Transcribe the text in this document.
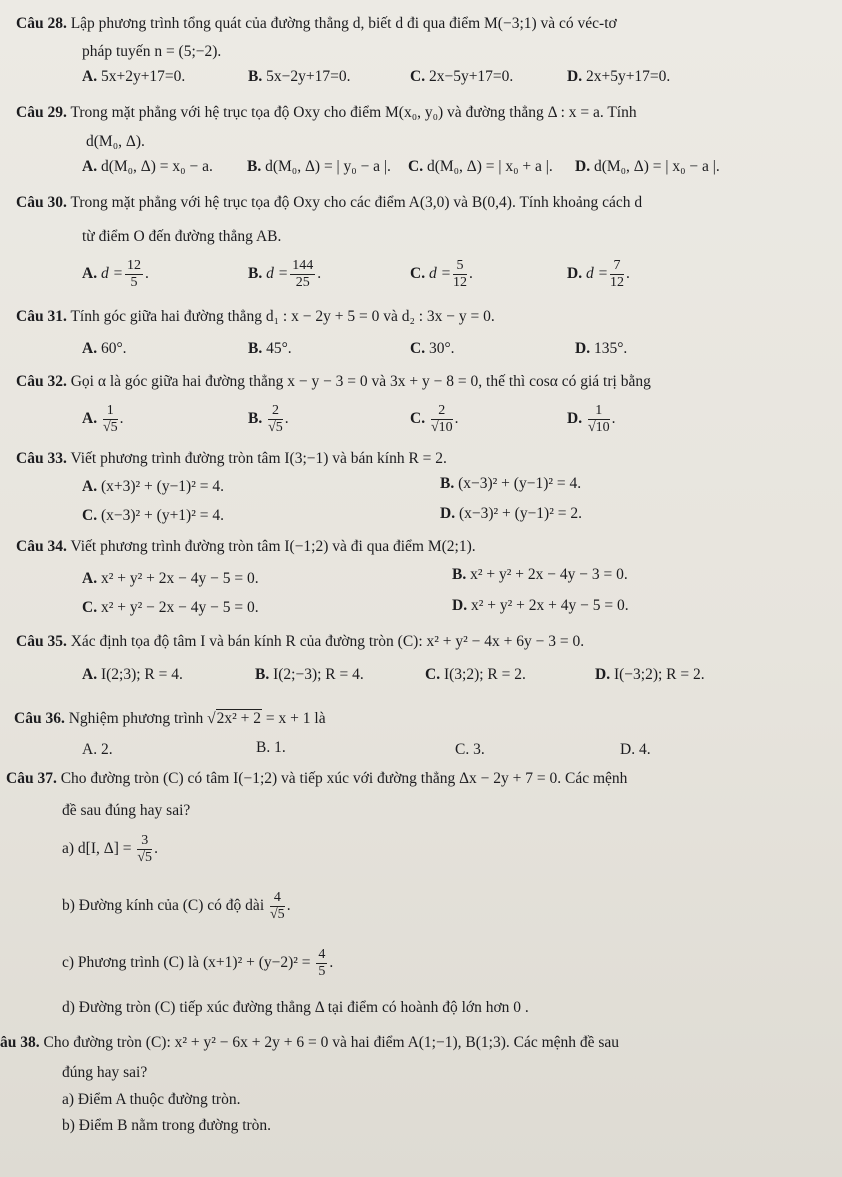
Câu 28. Lập phương trình tổng quát của đường thẳng d, biết d đi qua điểm M(−3;1) và có véc-tơ
pháp tuyến n = (5;−2).
A. 5x+2y+17=0.	B. 5x−2y+17=0.	C. 2x−5y+17=0.	D. 2x+5y+17=0.
Câu 29. Trong mặt phẳng với hệ trục tọa độ Oxy cho điểm M(x₀, y₀) và đường thẳng Δ : x = a. Tính
d(M₀, Δ).
A. d(M₀, Δ) = x₀ − a. B. d(M₀, Δ) = | y₀ − a |. C. d(M₀, Δ) = | x₀ + a |. D. d(M₀, Δ) = | x₀ − a |.
Câu 30. Trong mặt phẳng với hệ trục tọa độ Oxy cho các điểm A(3,0) và B(0,4). Tính khoảng cách d
từ điểm O đến đường thẳng AB.
A. $d = \frac{12}{5}$ .	B. $d = \frac{144}{25}$ .	C. $d = \frac{5}{12}$ .	D. $d = \frac{7}{12}$ .
Câu 31. Tính góc giữa hai đường thẳng d₁ : x − 2y + 5 = 0 và d₂ : 3x − y = 0.
A. 60°.	B. 45°.	C. 30°.	D. 135°.
Câu 32. Gọi α là góc giữa hai đường thẳng x − y − 3 = 0 và 3x + y − 8 = 0, thế thì cosα có giá trị bằng
A. $\frac{1}{√5}$ .	B. $\frac{2}{√5}$ .	C. $\frac{2}{√10}$ .	D. $\frac{1}{√10}$ .
Câu 33. Viết phương trình đường tròn tâm I(3;−1) và bán kính R = 2.
A. (x+3)² + (y−1)² = 4.	B. (x−3)² + (y−1)² = 4.
C. (x−3)² + (y+1)² = 4.	D. (x−3)² + (y−1)² = 2.
Câu 34. Viết phương trình đường tròn tâm I(−1;2) và đi qua điểm M(2;1).
A. x² + y² + 2x − 4y − 5 = 0.	B. x² + y² + 2x − 4y − 3 = 0.
C. x² + y² − 2x − 4y − 5 = 0.	D. x² + y² + 2x + 4y − 5 = 0.
Câu 35. Xác định tọa độ tâm I và bán kính R của đường tròn (C): x² + y² − 4x + 6y − 3 = 0.
A. I(2;3); R = 4.	B. I(2;−3); R = 4.	C. I(3;2); R = 2.	D. I(−3;2); R = 2.
Câu 36. Nghiệm phương trình √2x² + 2 = x + 1 là
A. 2.	B. 1.	C. 3.	D. 4.
Câu 37. Cho đường tròn (C) có tâm I(−1;2) và tiếp xúc với đường thẳng Δx − 2y + 7 = 0. Các mệnh
đề sau đúng hay sai?
a) d[I, $\Delta] = \frac{3}{√5}$ .
b) Đường kính của (C) có độ dài $\frac{4}{√5}$ .
c) Phương trình (C) là $(x+1)^2 + (y-2)^2 = \frac{4}{5}$ .
d) Đường tròn (C) tiếp xúc đường thẳng Δ tại điểm có hoành độ lớn hơn 0 .
âu 38. Cho đường tròn (C): x² + y² − 6x + 2y + 6 = 0 và hai điểm A(1;−1), B(1;3). Các mệnh đề sau
đúng hay sai?
a) Điểm A thuộc đường tròn.
b) Điểm B nằm trong đường tròn.
